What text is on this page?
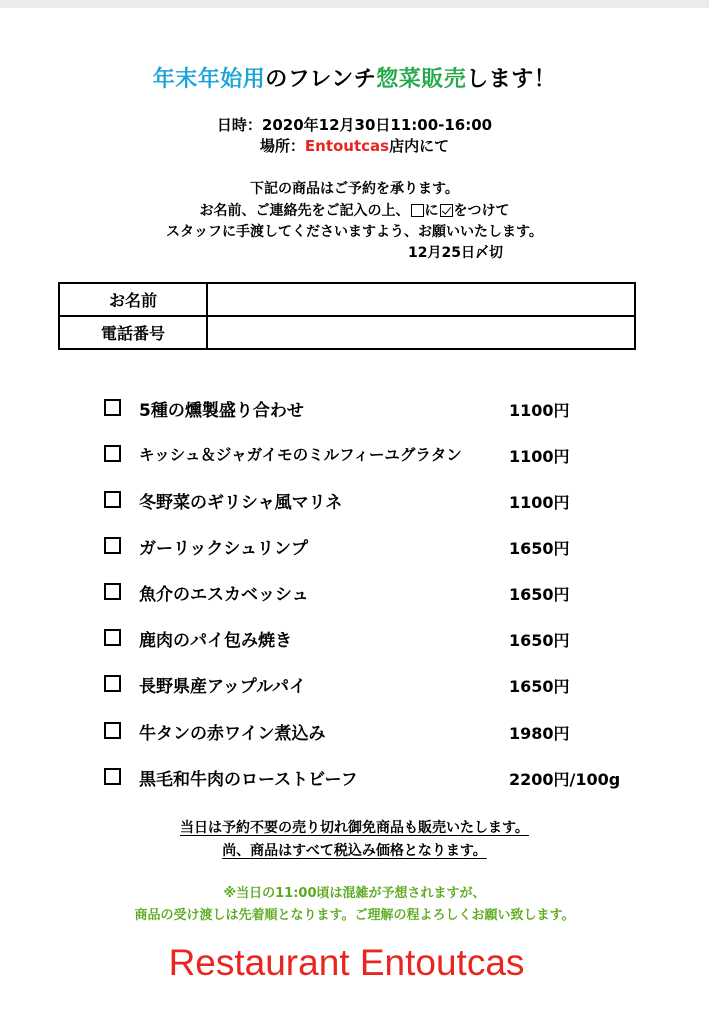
年末年始用のフレンチ惣菜販売します！
日時：2020年12月30日11:00-16:00
場所：Entoutcas店内にて
下記の商品はご予約を承ります。
お名前、ご連絡先をご記入の上、 に をつけて
スタッフに手渡してくださいますよう、お願いいたします。
12月25日〆切
お名前	
電話番号	
5種の燻製盛り合わせ	1100円
キッシュ＆ジャガイモのミルフィーユグラタン	1100円
冬野菜のギリシャ風マリネ	1100円
ガーリックシュリンプ	1650円
魚介のエスカベッシュ	1650円
鹿肉のパイ包み焼き	1650円
長野県産アップルパイ	1650円
牛タンの赤ワイン煮込み	1980円
黒毛和牛肉のローストビーフ	2200円/100g
当日は予約不要の売り切れ御免商品も販売いたします。
尚、商品はすべて税込み価格となります。
※当日の11:00頃は混雑が予想されますが、
商品の受け渡しは先着順となります。ご理解の程よろしくお願い致します。
Restaurant Entoutcas
